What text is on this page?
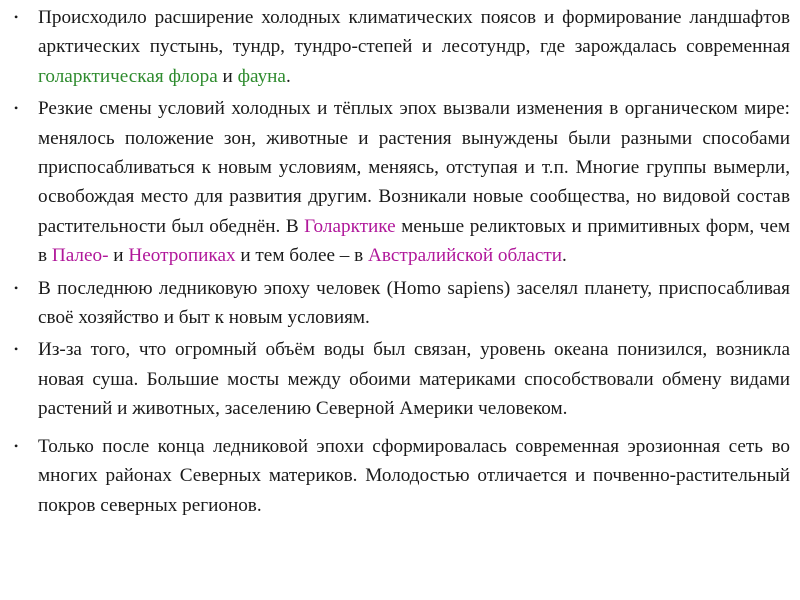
•	Происходило расширение холодных климатических поясов и формирование ландшафтов арктических пустынь, тундр, тундро-степей и лесотундр, где зарождалась современная голарктическая флора и фауна.
•	Резкие смены условий холодных и тёплых эпох вызвали изменения в органическом мире: менялось положение зон, животные и растения вынуждены были разными способами приспосабливаться к новым условиям, меняясь, отступая и т.п. Многие группы вымерли, освобождая место для развития другим. Возникали новые сообщества, но видовой состав растительности был обеднён. В Голарктике меньше реликтовых и примитивных форм, чем в Палео- и Неотропиках и тем более – в Австралийской области.
•	В последнюю ледниковую эпоху человек (Homo sapiens) заселял планету, приспосабливая своё хозяйство и быт к новым условиям.
•	Из-за того, что огромный объём воды был связан, уровень океана понизился, возникла новая суша. Большие мосты между обоими материками способствовали обмену видами растений и животных, заселению Северной Америки человеком.
•	Только после конца ледниковой эпохи сформировалась современная эрозионная сеть во многих районах Северных материков. Молодостью отличается и почвенно-растительный покров северных регионов.
